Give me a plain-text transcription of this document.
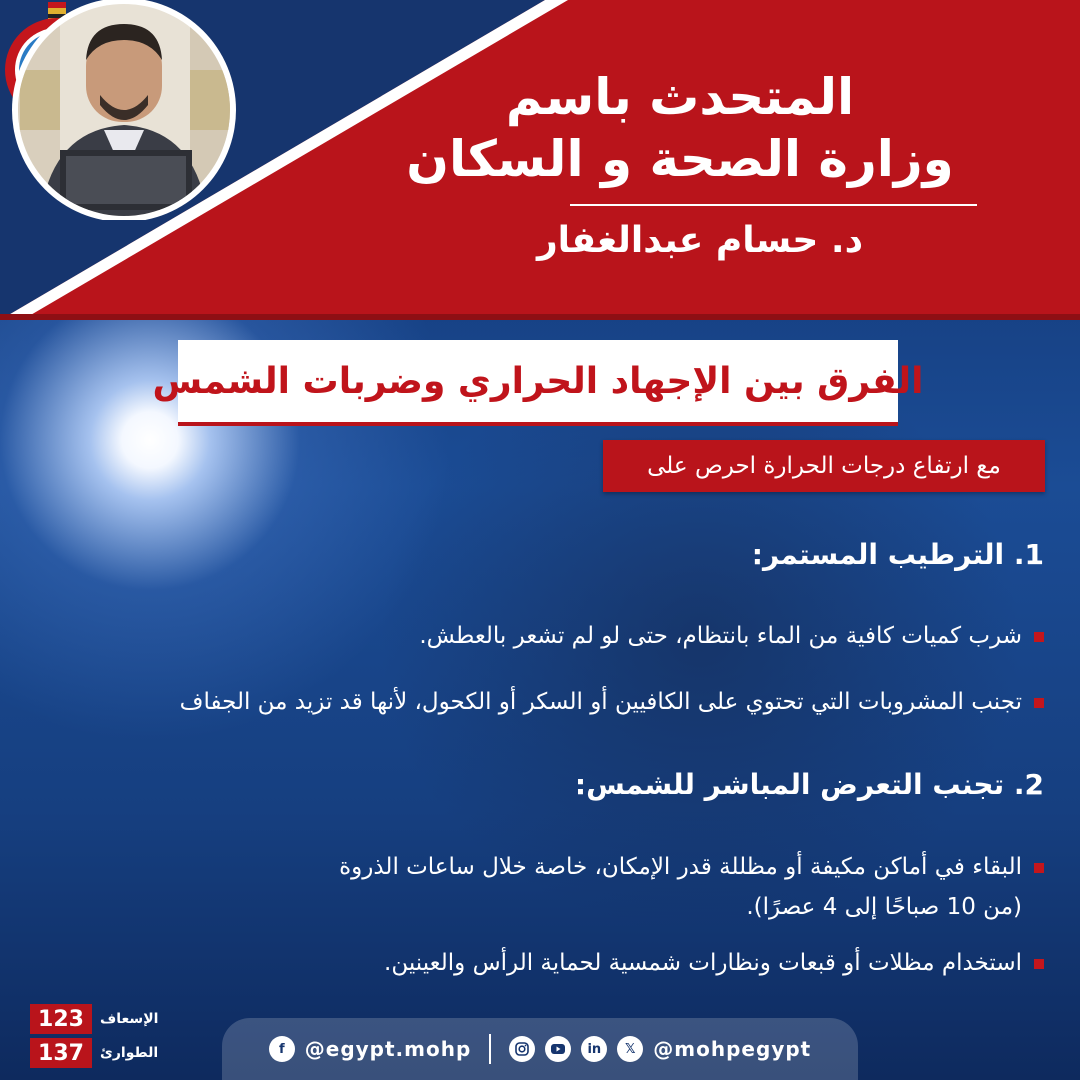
المتحدث باسم
وزارة الصحة و السكان
د. حسام عبدالغفار
الفرق بين الإجهاد الحراري وضربات الشمس
مع ارتفاع درجات الحرارة احرص على
1. الترطيب المستمر:
شرب كميات كافية من الماء بانتظام، حتى لو لم تشعر بالعطش.
تجنب المشروبات التي تحتوي على الكافيين أو السكر أو الكحول، لأنها قد تزيد من الجفاف
2. تجنب التعرض المباشر للشمس:
البقاء في أماكن مكيفة أو مظللة قدر الإمكان، خاصة خلال ساعات الذروة
(من 10 صباحًا إلى 4 عصرًا).
استخدام مظلات أو قبعات ونظارات شمسية لحماية الرأس والعينين.
123	الإسعاف
137	الطوارئ	f	@egypt.mohp	in	𝕏 @mohpegypt
